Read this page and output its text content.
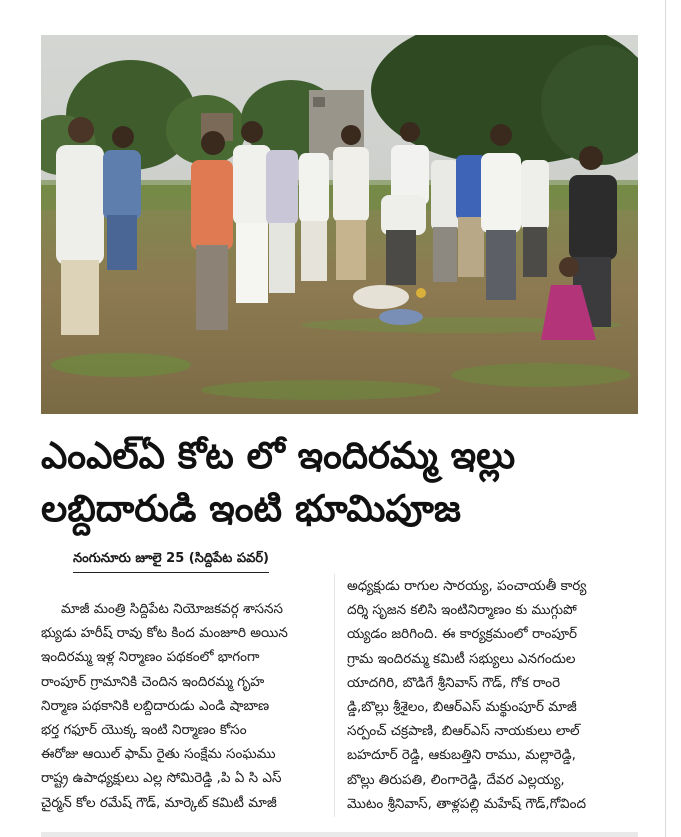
ఎంఎల్ఏ కోట లో ఇందిరమ్మ ఇల్లు
లబ్దిదారుడి ఇంటి భూమిపూజ
నంగునూరు జూలై 25 (సిద్దిపేట పవర్)
మాజీ మంత్రి సిద్దిపేట నియోజకవర్గ శాసనస
భ్యుడు హరీష్ రావు కోట కింద మంజూరి అయిన
ఇందిరమ్మ ఇళ్ల నిర్మాణం పథకంలో భాగంగా
రాంపూర్ గ్రామానికి చెందిన ఇందిరమ్మ గృహ
నిర్మాణ పథకానికి లబ్దిదారుడు ఎండి షాబాణ
భర్త గఫూర్ యొక్క ఇంటి నిర్మాణం కోసం
ఈరోజు ఆయిల్ ఫామ్ రైతు సంక్షేమ సంఘము
రాష్ట్ర ఉపాధ్యక్షులు ఎల్ల సోమిరెడ్డి ,పి ఏ సి ఎస్
చైర్మన్ కోల రమేష్ గౌడ్, మార్కెట్ కమిటీ మాజీ
అధ్యక్షుడు రాగుల సారయ్య, పంచాయతీ కార్య
దర్శి సృజన కలిసి ఇంటినిర్మాణం కు ముగ్గుపో
య్యడం జరిగింది. ఈ కార్యక్రమంలో రాంపూర్
గ్రామ ఇందిరమ్మ కమిటీ సభ్యులు ఎనగందుల
యాదగిరి, బొడిగే శ్రీనివాస్ గౌడ్, గోక రాంరె
డ్డి,బొల్లు శ్రీశైలం, బిఆర్ఎస్ మక్థుంపూర్ మాజీ
సర్పంచ్ చక్రపాణి, బిఆర్ఎస్ నాయకులు లాల్
బహదూర్ రెడ్డి, ఆకుబత్తిని రాము, మల్లారెడ్డి,
బొల్లు తిరుపతి, లింగారెడ్డి, దేవర ఎల్లయ్య,
మొటం శ్రీనివాస్, తాళ్లపల్లి మహేష్ గౌడ్,గోవింద
